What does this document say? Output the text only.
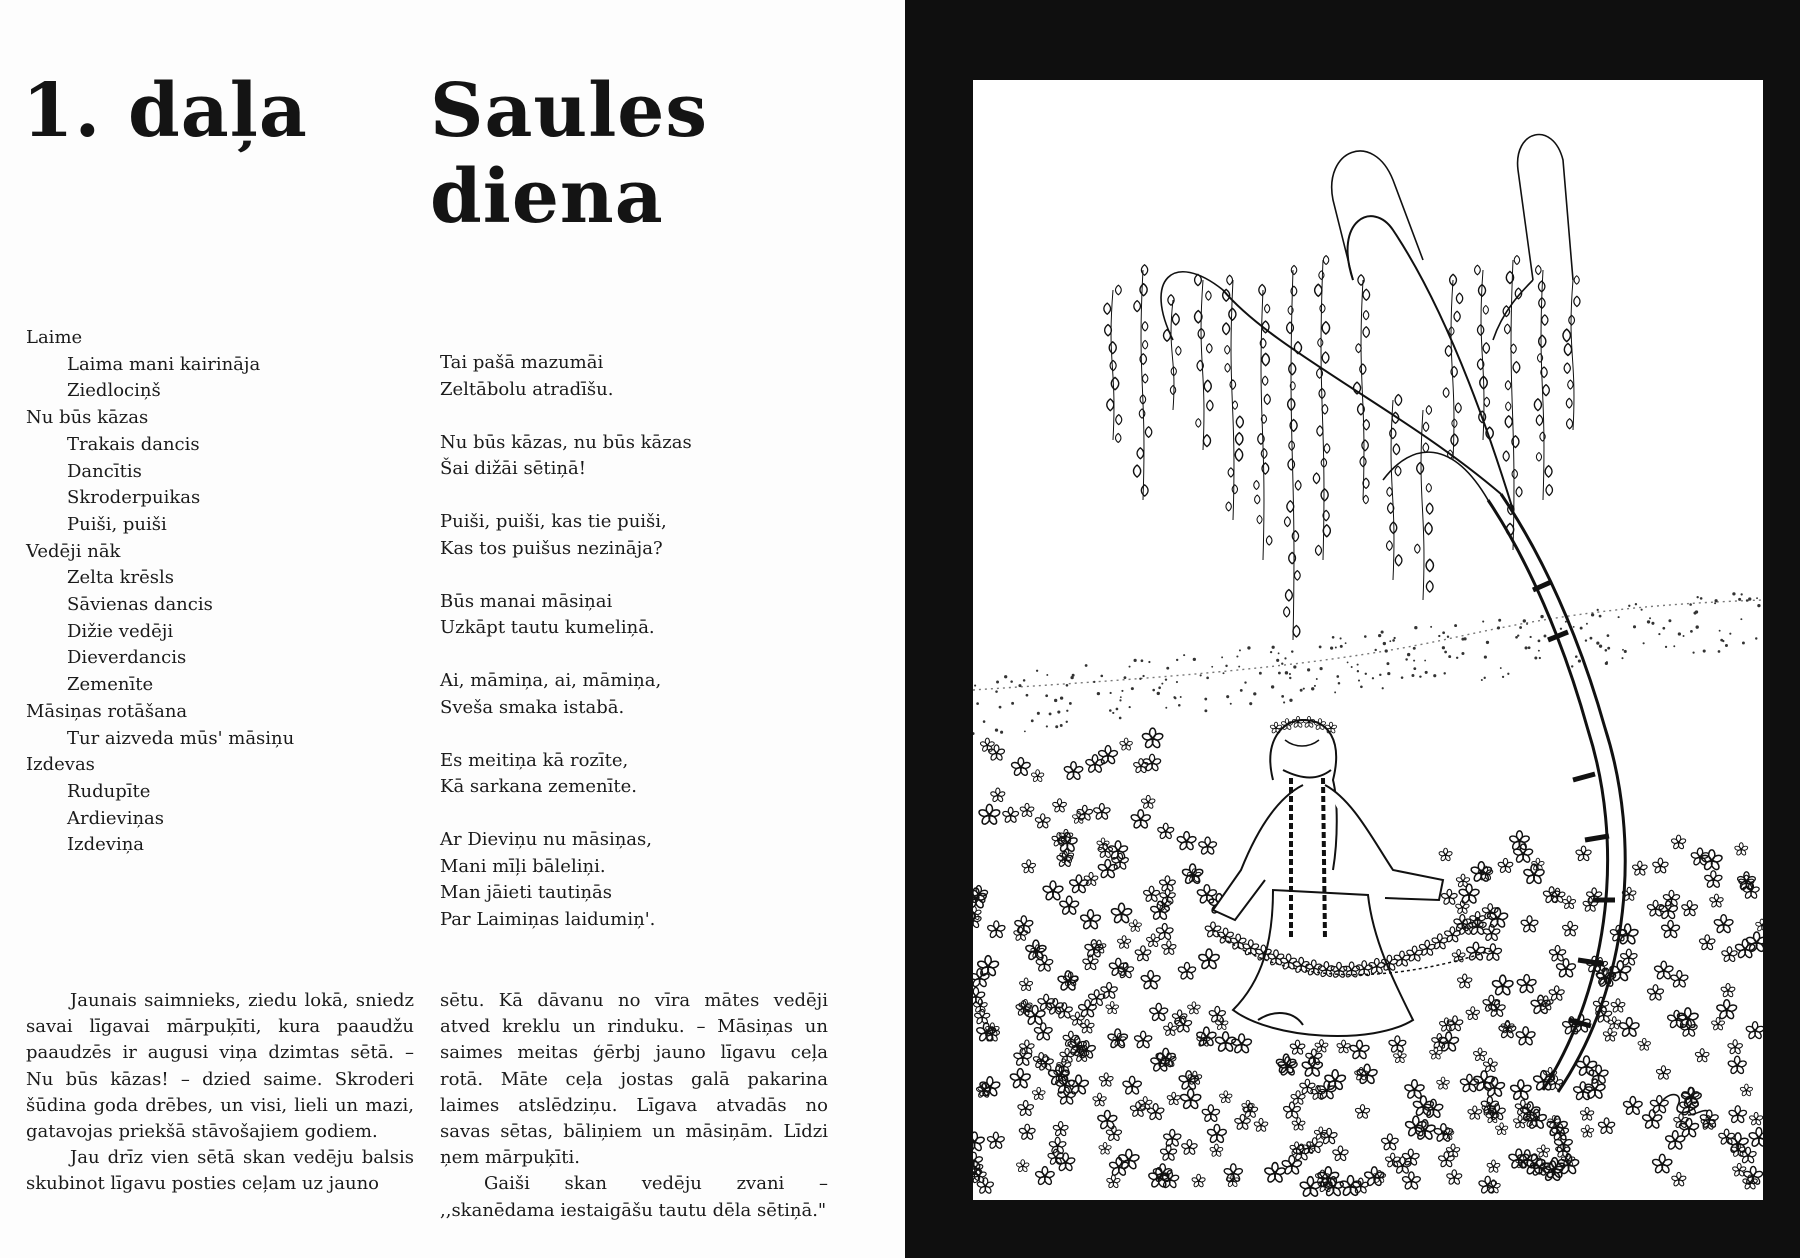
1. daļa Saules diena
Laime
Laima mani kairināja
Ziedlociņš
Nu būs kāzas
Trakais dancis
Dancītis
Skroderpuikas
Puiši, puiši
Vedēji nāk
Zelta krēsls
Sāvienas dancis
Dižie vedēji
Dieverdancis
Zemenīte
Māsiņas rotāšana
Tur aizveda mūs' māsiņu
Izdevas
Rudupīte
Ardieviņas
Izdeviņa
Tai pašā mazumāi
Zeltābolu atradīšu.
Nu būs kāzas, nu būs kāzas
Šai dižāi sētiņā!
Puiši, puiši, kas tie puiši,
Kas tos puišus nezināja?
Būs manai māsiņai
Uzkāpt tautu kumeliņā.
Ai, māmiņa, ai, māmiņa,
Sveša smaka istabā.
Es meitiņa kā rozīte,
Kā sarkana zemenīte.
Ar Dieviņu nu māsiņas,
Mani mīļi bāleliņi.
Man jāieti tautiņās
Par Laimiņas laidumiņ'.

Jaunais saimnieks, ziedu lokā, sniedz savai līgavai mārpuķīti, kura paaudžu paaudzēs ir augusi viņa dzimtas sētā. – Nu būs kāzas! – dzied saime. Skroderi šūdina goda drēbes, un visi, lieli un mazi, gatavojas priekšā stāvošajiem godiem.

Jau drīz vien sētā skan vedēju balsis skubinot līgavu posties ceļam uz jauno

sētu. Kā dāvanu no vīra mātes vedēji atved kreklu un rinduku. – Māsiņas un saimes meitas ģērbj jauno līgavu ceļa rotā. Māte ceļa jostas galā pakarina laimes atslēdziņu. Līgava atvadās no savas sētas, bāliņiem un māsiņām. Līdzi ņem mārpuķīti.

Gaiši skan vedēju zvani – ,,skanēdama iestaigāšu tautu dēla sētiņā."
